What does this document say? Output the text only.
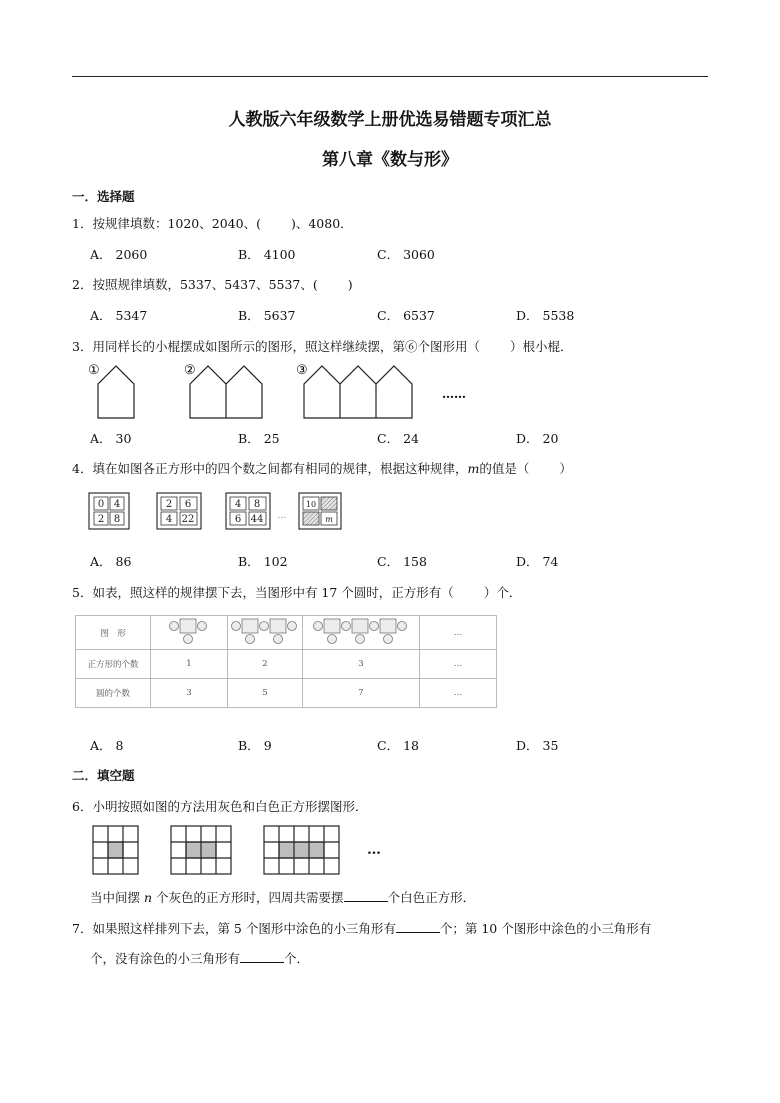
人教版六年级数学上册优选易错题专项汇总
第八章《数与形》
一．选择题
1．按规律填数：1020、2040、( )、4080．
A． 2060	B． 4100	C． 3060
2．按照规律填数，5337、5437、5537、( )
A． 5347	B． 5637	C． 6537	D． 5538
3．用同样长的小棍摆成如图所示的图形，照这样继续摆，第⑥个图形用（ ）根小棍．
①	②	③
……
A． 30	B． 25	C． 24	D． 20
4．填在如图各正方形中的四个数之间都有相同的规律，根据这种规律，m的值是（ ）
0 4
2 8
2 6
4 22
4 8
6 44 …
10
m
A． 86	B． 102	C． 158	D． 74
5．如表，照这样的规律摆下去，当图形中有 17 个圆时，正方形有（ ）个．
图　形				…
正方形的个数	1	2	3	…
圆的个数	3	5	7	…
A． 8	B． 9	C． 18	D． 35
二．填空题
6．小明按照如图的方法用灰色和白色正方形摆图形．
…
当中间摆 n 个灰色的正方形时，四周共需要摆	个白色正方形．
7．如果照这样排列下去，第 5 个图形中涂色的小三角形有	个；第 10 个图形中涂色的小三角形有
个，没有涂色的小三角形有	个．
